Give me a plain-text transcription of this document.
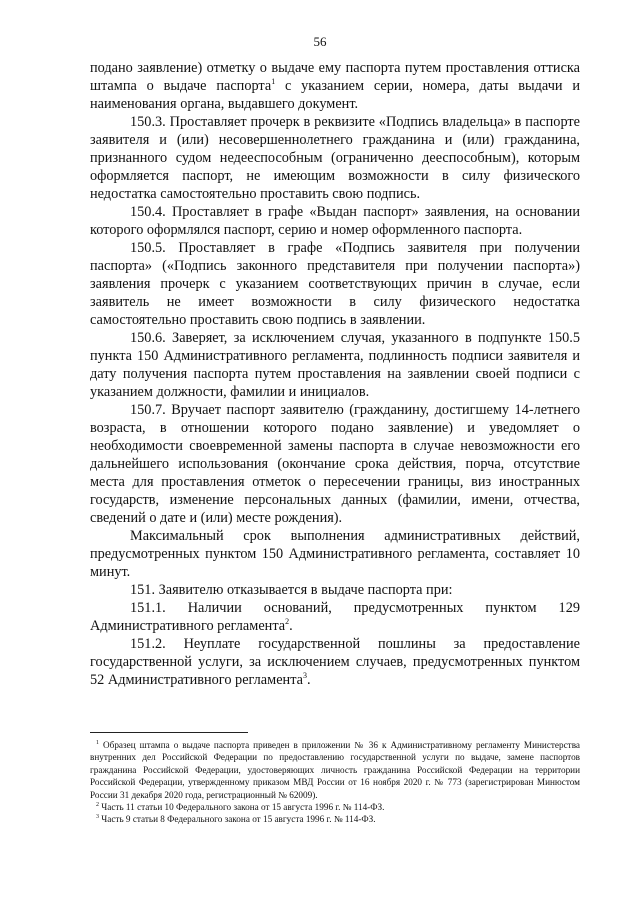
56

подано заявление) отметку о выдаче ему паспорта путем проставления оттиска штампа о выдаче паспорта$^1$ с указанием серии, номера, даты выдачи и наименования органа, выдавшего документ.

150.3. Проставляет прочерк в реквизите «Подпись владельца» в паспорте заявителя и (или) несовершеннолетнего гражданина и (или) гражданина, признанного судом недееспособным (ограниченно дееспособным), которым оформляется паспорт, не имеющим возможности в силу физического недостатка самостоятельно проставить свою подпись.

150.4. Проставляет в графе «Выдан паспорт» заявления, на основании которого оформлялся паспорт, серию и номер оформленного паспорта.

150.5. Проставляет в графе «Подпись заявителя при получении паспорта» («Подпись законного представителя при получении паспорта») заявления прочерк с указанием соответствующих причин в случае, если заявитель не имеет возможности в силу физического недостатка самостоятельно проставить свою подпись в заявлении.

150.6. Заверяет, за исключением случая, указанного в подпункте 150.5 пункта 150 Административного регламента, подлинность подписи заявителя и дату получения паспорта путем проставления на заявлении своей подписи с указанием должности, фамилии и инициалов.

150.7. Вручает паспорт заявителю (гражданину, достигшему 14-летнего возраста, в отношении которого подано заявление) и уведомляет о необходимости своевременной замены паспорта в случае невозможности его дальнейшего использования (окончание срока действия, порча, отсутствие места для проставления отметок о пересечении границы, виз иностранных государств, изменение персональных данных (фамилии, имени, отчества, сведений о дате и (или) месте рождения).

Максимальный срок выполнения административных действий, предусмотренных пунктом 150 Административного регламента, составляет 10 минут.

151. Заявителю отказывается в выдаче паспорта при:

151.1. Наличии оснований, предусмотренных пунктом 129 Административного регламента$^2$.

151.2. Неуплате государственной пошлины за предоставление государственной услуги, за исключением случаев, предусмотренных пунктом 52 Административного регламента$^3$.

$^1$ Образец штампа о выдаче паспорта приведен в приложении № 36 к Административному регламенту Министерства внутренних дел Российской Федерации по предоставлению государственной услуги по выдаче, замене паспортов гражданина Российской Федерации, удостоверяющих личность гражданина Российской Федерации на территории Российской Федерации, утвержденному приказом МВД России от 16 ноября 2020 г. № 773 (зарегистрирован Минюстом России 31 декабря 2020 года, регистрационный № 62009).

$^2$ Часть 11 статьи 10 Федерального закона от 15 августа 1996 г. № 114-ФЗ.

$^3$ Часть 9 статьи 8 Федерального закона от 15 августа 1996 г. № 114-ФЗ.
